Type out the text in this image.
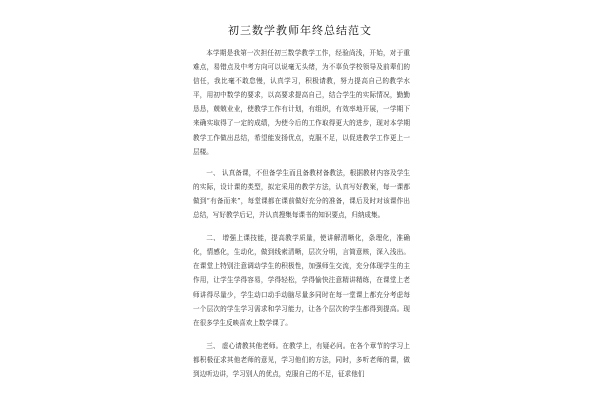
初三数学教师年终总结范文

本学期是我第一次担任初三数学教学工作，经验尚浅，开始，对于重难点，易错点及中考方向可以说毫无头绪，为不辜负学校领导及前辈们的信任，我比毫不敢怠慢，认真学习，积极请教，努力提高自己的教学水平，用初中数学的要求，以高要求提高自己，结合学生的实际情况，勤勤恳恳，兢兢业业，使教学工作有计划，有组织，有效率地开展，一学期下来确实取得了一定的成绩，为使今后的工作取得更大的进步，现对本学期教学工作做出总结，希望能发扬优点，克服不足，以促进教学工作更上一层楼。

一、 认真备课，不但备学生而且备教材备教法，根据教材内容及学生的实际，设计课的类型，拟定采用的教学方法，认真写好教案，每一课都做到“有备而来”，每堂课都在课前做好充分的准备，课后及时对该课作出总结，写好教学后记，并认真搜集每课书的知识要点，归纳成集。

二、 增强上课技能，提高教学质量，使讲解清晰化，条理化，准确化，情感化，生动化，做到线索清晰，层次分明，言简意赅，深入浅出。在课堂上特别注意调动学生的积极性，加强师生交流，充分体现学生的主作用，让学生学得容易，学得轻松，学得愉快注意精讲精练，在课堂上老师讲得尽量少，学生动口动手动脑尽量多同时在每一堂课上都充分考虑每一个层次的学生学习需求和学习能力，让各个层次的学生都得到提高。现在很多学生反映喜欢上数学课了。

三、 虚心请教其他老师。在教学上，有疑必问。在各个章节的学习上都积极征求其他老师的意见，学习他们的方法，同时，多听老师的课，做到边听边讲，学习别人的优点，克服自己的不足，征求他们
